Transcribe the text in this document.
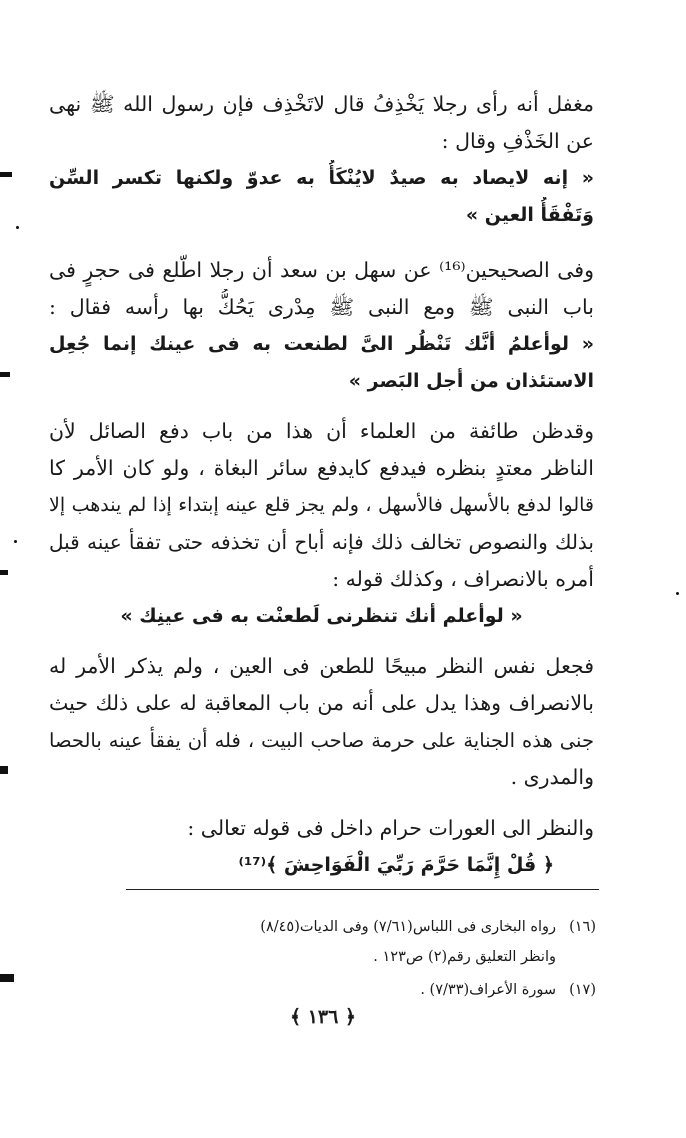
مغفل أنه رأى رجلا يَخْذِفُ قال لاتَخْذِف فإن رسول الله ﷺ نهى
عن الخَذْفِ وقال :
« إنه لايصاد به صيدٌ لايُنْكَأُ به عدوّ ولكنها تكسر السِّن
وَتَفْقَأُ العين »
وفى الصحيحين⁽¹⁶⁾ عن سهل بن سعد أن رجلا اطّلع فى حجرٍ فى
باب النبى ﷺ ومع النبى ﷺ مِدْرى يَحُكُّ بها رأسه فقال :
« لوأعلمُ أنَّك تَنْظُر الىَّ لطنعت به فى عينك إنما جُعِل
الاستئذان من أجل البَصر »
وقدظن طائفة من العلماء أن هذا من باب دفع الصائل لأن
الناظر معتدٍ بنظره فيدفع كايدفع سائر البغاة ، ولو كان الأمر كا
قالوا لدفع بالأسهل فالأسهل ، ولم يجز قلع عينه إبتداء إذا لم يندهب إلا
بذلك والنصوص تخالف ذلك فإنه أباح أن تخذفه حتى تفقأ عينه قبل
أمره بالانصراف ، وكذلك قوله :
« لوأعلم أنك تنظرنى لَطعنْت به فى عينِك »
فجعل نفس النظر مبيحًا للطعن فى العين ، ولم يذكر الأمر له
بالانصراف وهذا يدل على أنه من باب المعاقبة له على ذلك حيث
جنى هذه الجناية على حرمة صاحب البيت ، فله أن يفقأ عينه بالحصا
والمدرى .
والنظر الى العورات حرام داخل فى قوله تعالى :
﴿ قُلْ إِنَّمَا حَرَّمَ رَبِّيَ الْفَوَاحِشَ ﴾⁽¹⁷⁾
(١٦)رواه البخارى فى اللباس(٧/٦١) وفى الديات(٨/٤٥)
وانظر التعليق رقم(٢) ص١٢٣ .
(١٧)سورة الأعراف(٧/٣٣) .
﴿ ١٣٦ ﴾
